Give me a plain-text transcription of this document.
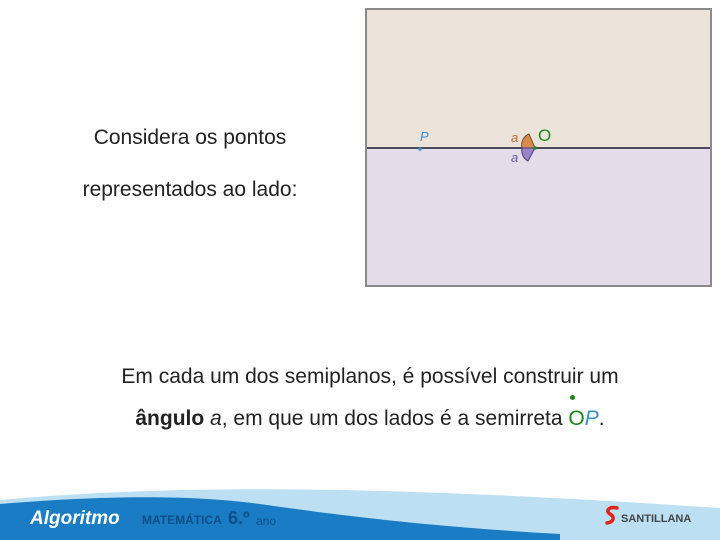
Considera os pontos
representados ao lado:
P	a
a
O
Em cada um dos semiplanos, é possível construir um
ângulo a, em que um dos lados é a semirreta
OP.
Algoritmo MATEMÁTICA 6.º ano	SANTILLANA
